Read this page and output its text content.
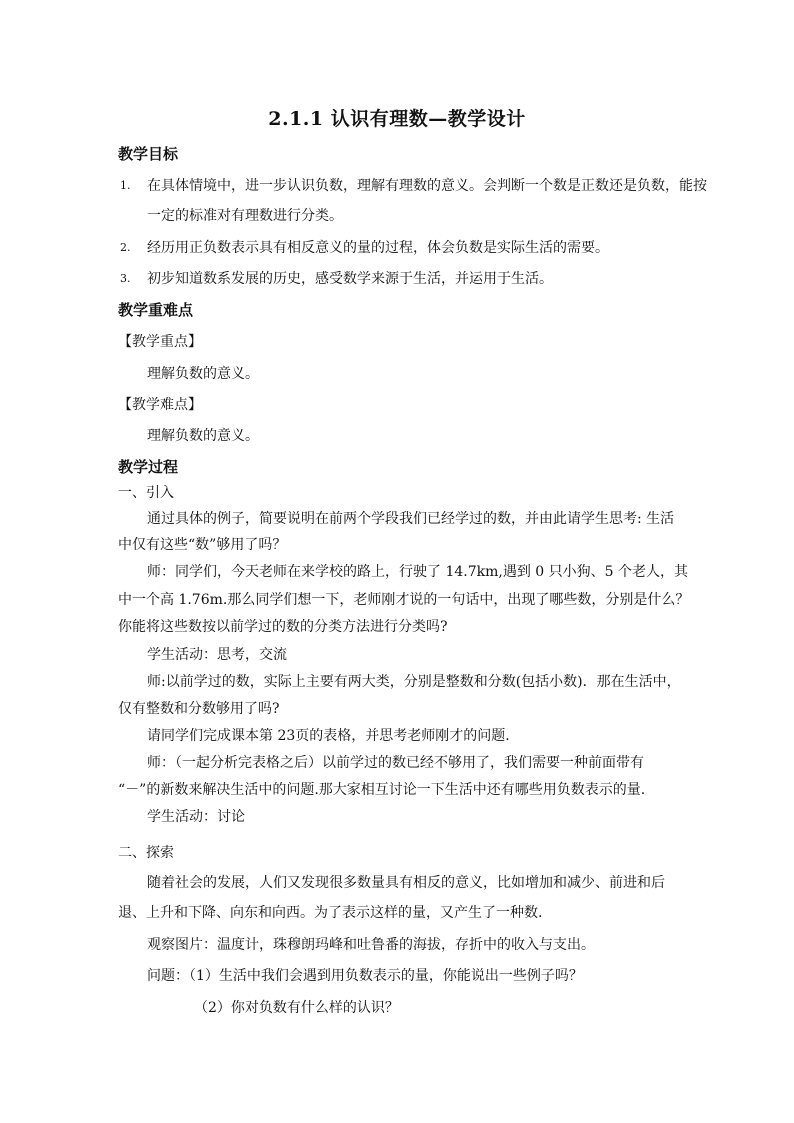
2.1.1 认识有理数—教学设计
教学目标
1. 在具体情境中，进一步认识负数，理解有理数的意义。会判断一个数是正数还是负数，能按
一定的标准对有理数进行分类。
2. 经历用正负数表示具有相反意义的量的过程，体会负数是实际生活的需要。
3. 初步知道数系发展的历史，感受数学来源于生活，并运用于生活。
教学重难点
【教学重点】
理解负数的意义。
【教学难点】
理解负数的意义。
教学过程
一、引入
通过具体的例子，简要说明在前两个学段我们已经学过的数，并由此请学生思考: 生活
中仅有这些“数”够用了吗？
师：同学们，今天老师在来学校的路上，行驶了 14.7km,遇到 0 只小狗、5 个老人，其
中一个高 1.76m.那么同学们想一下，老师刚才说的一句话中，出现了哪些数，分别是什么？
你能将这些数按以前学过的数的分类方法进行分类吗?
学生活动：思考，交流
师:以前学过的数，实际上主要有两大类，分别是整数和分数(包括小数)．那在生活中，
仅有整数和分数够用了吗?
请同学们完成课本第 23页的表格，并思考老师刚才的问题.
师：（一起分析完表格之后）以前学过的数已经不够用了，我们需要一种前面带有
“－”的新数来解决生活中的问题.那大家相互讨论一下生活中还有哪些用负数表示的量.
学生活动：讨论
二、探索
随着社会的发展，人们又发现很多数量具有相反的意义，比如增加和减少、前进和后
退、上升和下降、向东和向西。为了表示这样的量，又产生了一种数.
观察图片：温度计，珠穆朗玛峰和吐鲁番的海拔，存折中的收入与支出。
问题：（1）生活中我们会遇到用负数表示的量，你能说出一些例子吗？
（2）你对负数有什么样的认识？
